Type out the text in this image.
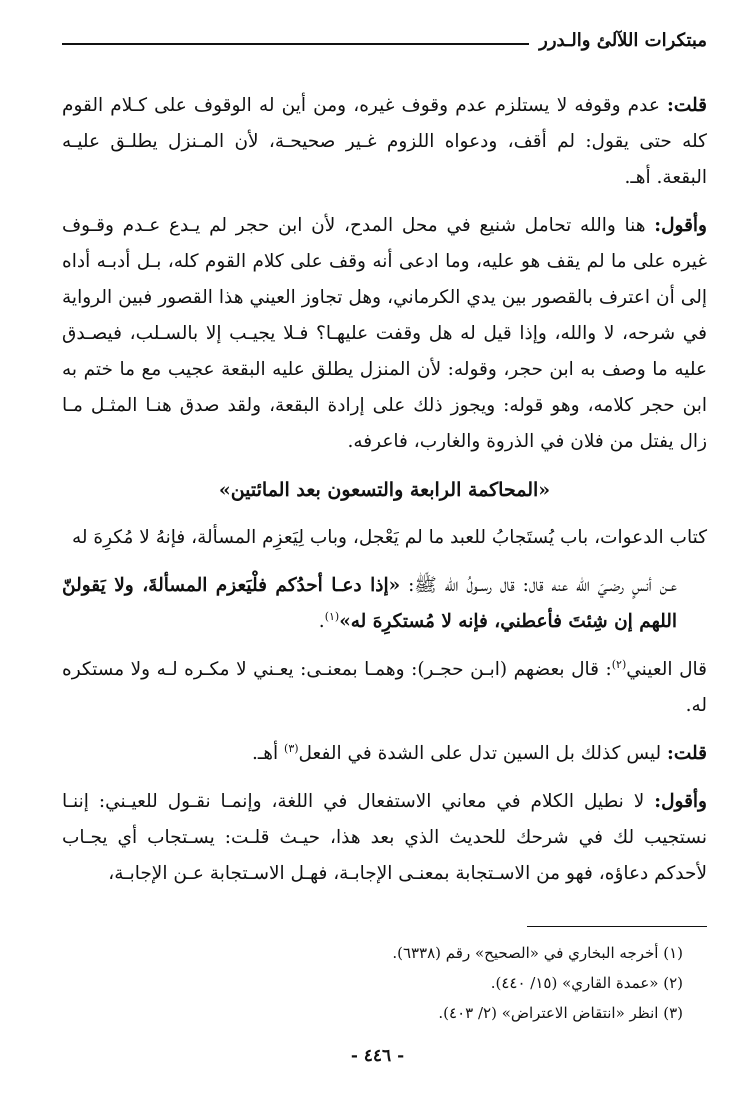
مبتكرات اللآلئ والـدرر

قلت: عدم وقوفه لا يستلزم عدم وقوف غيره، ومن أين له الوقوف على كـلام القوم كله حتى يقول: لم أقف، ودعواه اللزوم غـير صحيحـة، لأن المـنزل يطلـق عليـه البقعة. أهـ.

وأقول: هنا والله تحامل شنيع في محل المدح، لأن ابن حجر لم يـدع عـدم وقـوف غيره على ما لم يقف هو عليه، وما ادعى أنه وقف على كلام القوم كله، بـل أدبـه أداه إلى أن اعترف بالقصور بين يدي الكرماني، وهل تجاوز العيني هذا القصور فبين الرواية في شرحه، لا والله، وإذا قيل له هل وقفت عليهـا؟ فـلا يجيـب إلا بالسـلب، فيصـدق عليه ما وصف به ابن حجر، وقوله: لأن المنزل يطلق عليه البقعة عجيب مع ما ختم به ابن حجر كلامه، وهو قوله: ويجوز ذلك على إرادة البقعة، ولقد صدق هنـا المثـل مـا زال يفتل من فلان في الذروة والغارب، فاعرفه.

«المحاكمة الرابعة والتسعون بعد المائتين»

كتاب الدعوات، باب يُستَجابُ للعبد ما لم يَعْجل، وباب لِيَعزِم المسألة، فإنهُ لا مُكرِهَ له

عـن أنسٍ رضـيَ الله عنه قال: قال رسـولُ الله ﷺ: «إذا دعـا أحدُكم فلْيَعزم المسألةَ، ولا يَقولنّ اللهم إن شِئتَ فأعطني، فإنه لا مُستكرِهَ له»$^{(١)}$.

قال العيني$^{(٢)}$: قال بعضهم (ابـن حجـر): وهمـا بمعنـى: يعـني لا مكـره لـه ولا مستكره له.

قلت: ليس كذلك بل السين تدل على الشدة في الفعل$^{(٣)}$ أهـ.

وأقول: لا نطيل الكلام في معاني الاستفعال في اللغة، وإنمـا نقـول للعيـني: إننـا نستجيب لك في شرحك للحديث الذي بعد هذا، حيـث قلـت: يسـتجاب أي يجـاب لأحدكم دعاؤه، فهو من الاسـتجابة بمعنـى الإجابـة، فهـل الاسـتجابة عـن الإجابـة،

(١) أخرجه البخاري في «الصحيح» رقم (٦٣٣٨).

(٢) «عمدة القاري» (١٥/ ٤٤٠).

(٣) انظر «انتقاض الاعتراض» (٢/ ٤٠٣).

- ٤٤٦ -
